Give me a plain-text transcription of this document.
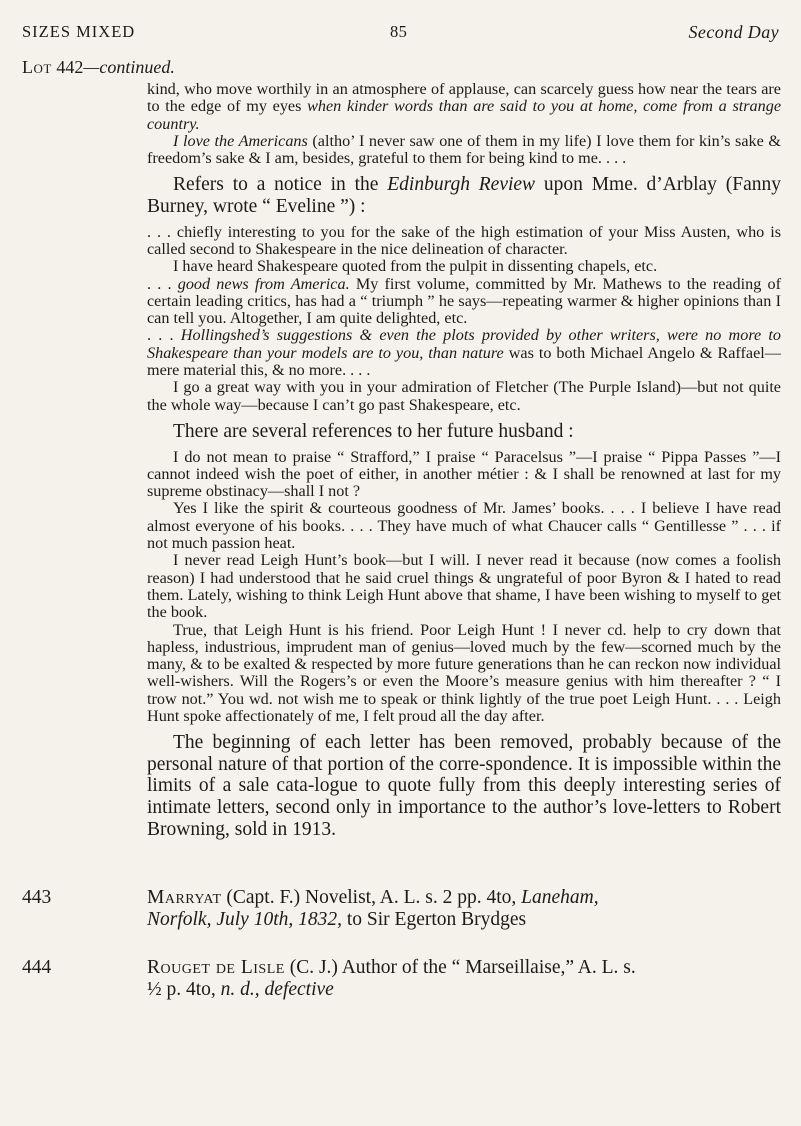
SIZES MIXED	85	Second Day
Lot 442—continued.

kind, who move worthily in an atmosphere of applause, can scarcely guess how near the tears are to the edge of my eyes when kinder words than are said to you at home, come from a strange country.

I love the Americans (altho’ I never saw one of them in my life) I love them for kin’s sake & freedom’s sake & I am, besides, grateful to them for being kind to me. . . .

Refers to a notice in the Edinburgh Review upon Mme. d’Arblay (Fanny Burney, wrote “ Eveline ”) :

. . . chiefly interesting to you for the sake of the high estimation of your Miss Austen, who is called second to Shakespeare in the nice delineation of character.

I have heard Shakespeare quoted from the pulpit in dissenting chapels, etc.

. . . good news from America. My first volume, committed by Mr. Mathews to the reading of certain leading critics, has had a “ triumph ” he says—repeating warmer & higher opinions than I can tell you. Altogether, I am quite delighted, etc.

. . . Hollingshed’s suggestions & even the plots provided by other writers, were no more to Shakespeare than your models are to you, than nature was to both Michael Angelo & Raffael—mere material this, & no more. . . .

I go a great way with you in your admiration of Fletcher (The Purple Island)—but not quite the whole way—because I can’t go past Shakespeare, etc.

There are several references to her future husband :

I do not mean to praise “ Strafford,” I praise “ Paracelsus ”—I praise “ Pippa Passes ”—I cannot indeed wish the poet of either, in another métier : & I shall be renowned at last for my supreme obstinacy—shall I not ?

Yes I like the spirit & courteous goodness of Mr. James’ books. . . . I believe I have read almost everyone of his books. . . . They have much of what Chaucer calls “ Gentillesse ” . . . if not much passion heat.

I never read Leigh Hunt’s book—but I will. I never read it because (now comes a foolish reason) I had understood that he said cruel things & ungrateful of poor Byron & I hated to read them. Lately, wishing to think Leigh Hunt above that shame, I have been wishing to myself to get the book.

True, that Leigh Hunt is his friend. Poor Leigh Hunt ! I never cd. help to cry down that hapless, industrious, imprudent man of genius—loved much by the few—scorned much by the many, & to be exalted & respected by more future generations than he can reckon now individual well-wishers. Will the Rogers’s or even the Moore’s measure genius with him thereafter ? “ I trow not.” You wd. not wish me to speak or think lightly of the true poet Leigh Hunt. . . . Leigh Hunt spoke affectionately of me, I felt proud all the day after.

The beginning of each letter has been removed, probably because of the personal nature of that portion of the corre-spondence. It is impossible within the limits of a sale cata-logue to quote fully from this deeply interesting series of intimate letters, second only in importance to the author’s love-letters to Robert Browning, sold in 1913.

443	Marryat (Capt. F.) Novelist, A. L. s. 2 pp. 4to, Laneham,
Norfolk, July 10th, 1832, to Sir Egerton Brydges
444	Rouget de Lisle (C. J.) Author of the “ Marseillaise,” A. L. s.
½ p. 4to, n. d., defective
